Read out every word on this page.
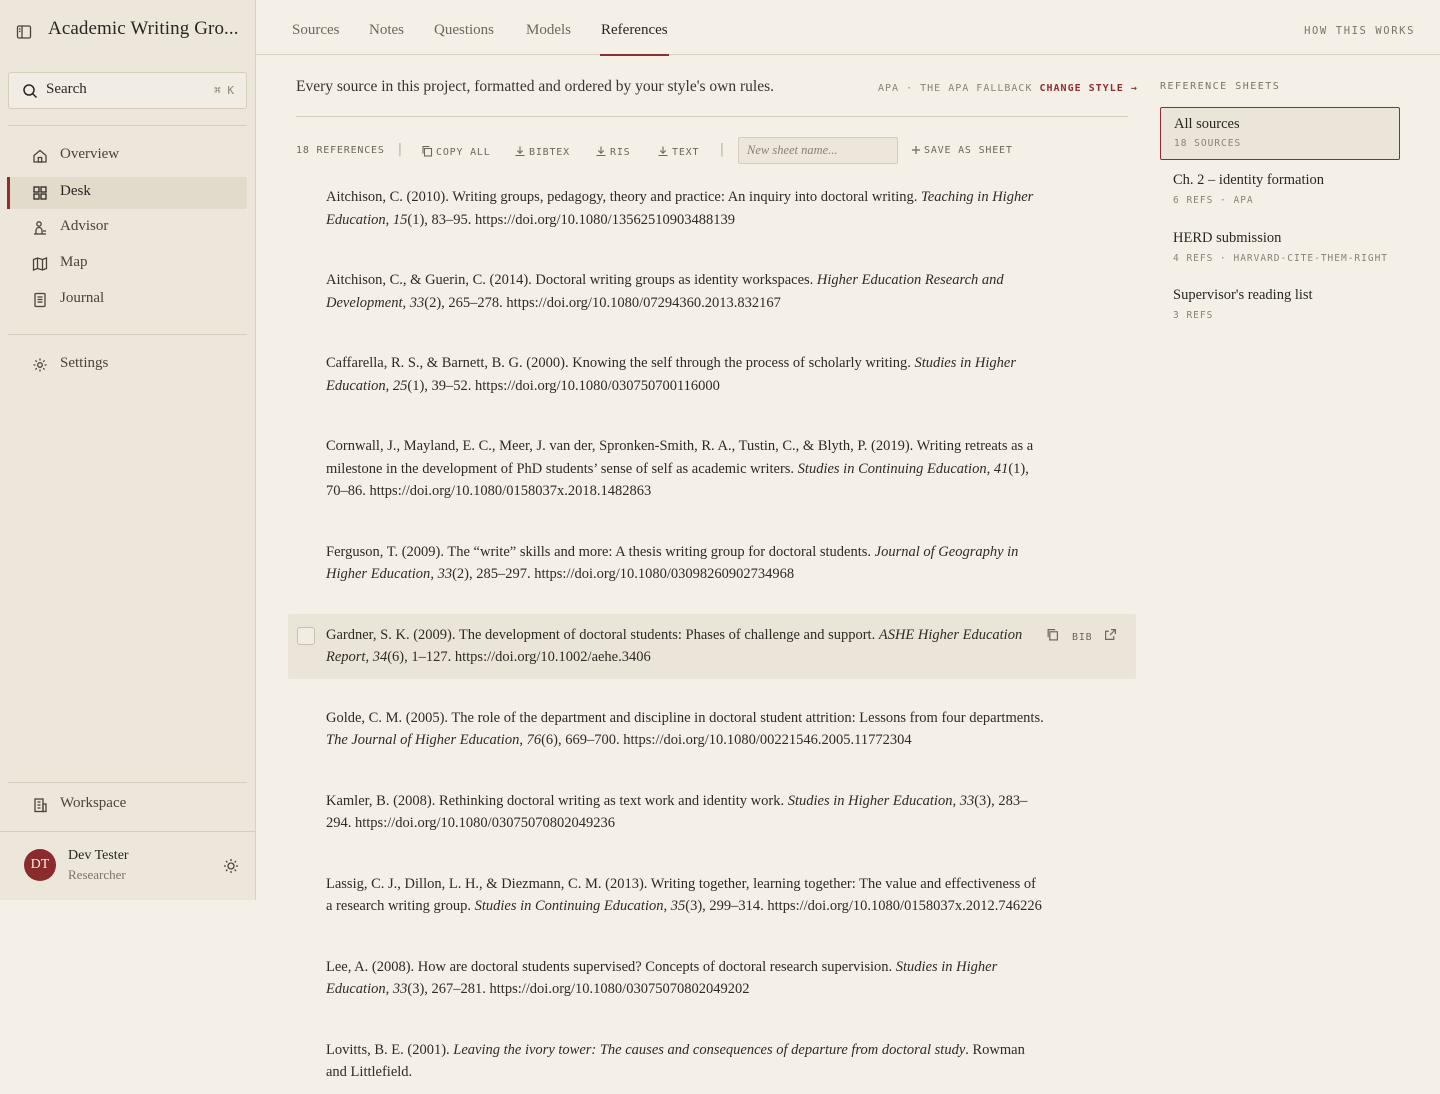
Academic Writing Gro...
Search	⌘ K
Overview
Desk
Advisor
Map
Journal
Settings
Workspace
DT
Dev Tester
Researcher
Sources Notes Questions Models References	HOW THIS WORKS

Every source in this project, formatted and ordered by your style's own rules.	APA · THE APA FALLBACK CHANGE STYLE →
18 REFERENCES |	COPY ALL	BIBTEX	RIS	TEXT |
New sheet name...	SAVE AS SHEET
Aitchison, C. (2010). Writing groups, pedagogy, theory and practice: An inquiry into doctoral writing. Teaching in Higher Education, 15(1), 83–95. https://doi.org/10.1080/13562510903488139
Aitchison, C., & Guerin, C. (2014). Doctoral writing groups as identity workspaces. Higher Education Research and Development, 33(2), 265–278. https://doi.org/10.1080/07294360.2013.832167
Caffarella, R. S., & Barnett, B. G. (2000). Knowing the self through the process of scholarly writing. Studies in Higher Education, 25(1), 39–52. https://doi.org/10.1080/030750700116000
Cornwall, J., Mayland, E. C., Meer, J. van der, Spronken-Smith, R. A., Tustin, C., & Blyth, P. (2019). Writing retreats as a milestone in the development of PhD students’ sense of self as academic writers. Studies in Continuing Education, 41(1), 70–86. https://doi.org/10.1080/0158037x.2018.1482863
Ferguson, T. (2009). The “write” skills and more: A thesis writing group for doctoral students. Journal of Geography in Higher Education, 33(2), 285–297. https://doi.org/10.1080/03098260902734968
BIB
Gardner, S. K. (2009). The development of doctoral students: Phases of challenge and support. ASHE Higher Education Report, 34(6), 1–127. https://doi.org/10.1002/aehe.3406
Golde, C. M. (2005). The role of the department and discipline in doctoral student attrition: Lessons from four departments. The Journal of Higher Education, 76(6), 669–700. https://doi.org/10.1080/00221546.2005.11772304
Kamler, B. (2008). Rethinking doctoral writing as text work and identity work. Studies in Higher Education, 33(3), 283–294. https://doi.org/10.1080/03075070802049236
Lassig, C. J., Dillon, L. H., & Diezmann, C. M. (2013). Writing together, learning together: The value and effectiveness of a research writing group. Studies in Continuing Education, 35(3), 299–314. https://doi.org/10.1080/0158037x.2012.746226
Lee, A. (2008). How are doctoral students supervised? Concepts of doctoral research supervision. Studies in Higher Education, 33(3), 267–281. https://doi.org/10.1080/03075070802049202
Lovitts, B. E. (2001). Leaving the ivory tower: The causes and consequences of departure from doctoral study. Rowman and Littlefield.
REFERENCE SHEETS
All sources
18 SOURCES
Ch. 2 – identity formation
6 REFS · APA
HERD submission
4 REFS · HARVARD-CITE-THEM-RIGHT
Supervisor's reading list
3 REFS
